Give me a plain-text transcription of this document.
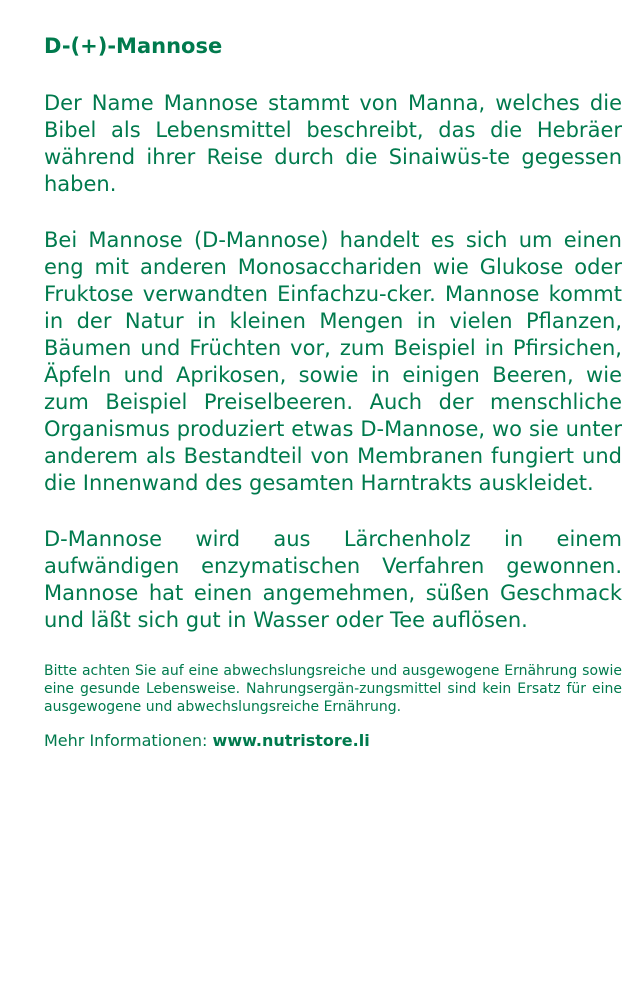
D-(+)-Mannose

Der Name Mannose stammt von Manna, welches die Bibel als Lebensmittel beschreibt, das die Hebräer während ihrer Reise durch die Sinaiwüs-te gegessen haben.

Bei Mannose (D-Mannose) handelt es sich um einen eng mit anderen Monosacchariden wie Glukose oder Fruktose verwandten Einfachzu-cker. Mannose kommt in der Natur in kleinen Mengen in vielen Pflanzen, Bäumen und Früchten vor, zum Beispiel in Pfirsichen, Äpfeln und Aprikosen, sowie in einigen Beeren, wie zum Beispiel Preiselbeeren. Auch der menschliche Organismus produziert etwas D-Mannose, wo sie unter anderem als Bestandteil von Membranen fungiert und die Innenwand des gesamten Harntrakts auskleidet.

D-Mannose wird aus Lärchenholz in einem aufwändigen enzymatischen Verfahren gewonnen. Mannose hat einen angemehmen, süßen Geschmack und läßt sich gut in Wasser oder Tee auflösen.

Bitte achten Sie auf eine abwechslungsreiche und ausgewogene Ernährung sowie eine gesunde Lebensweise. Nahrungsergän-zungsmittel sind kein Ersatz für eine ausgewogene und abwechslungsreiche Ernährung.

Mehr Informationen: www.nutristore.li
